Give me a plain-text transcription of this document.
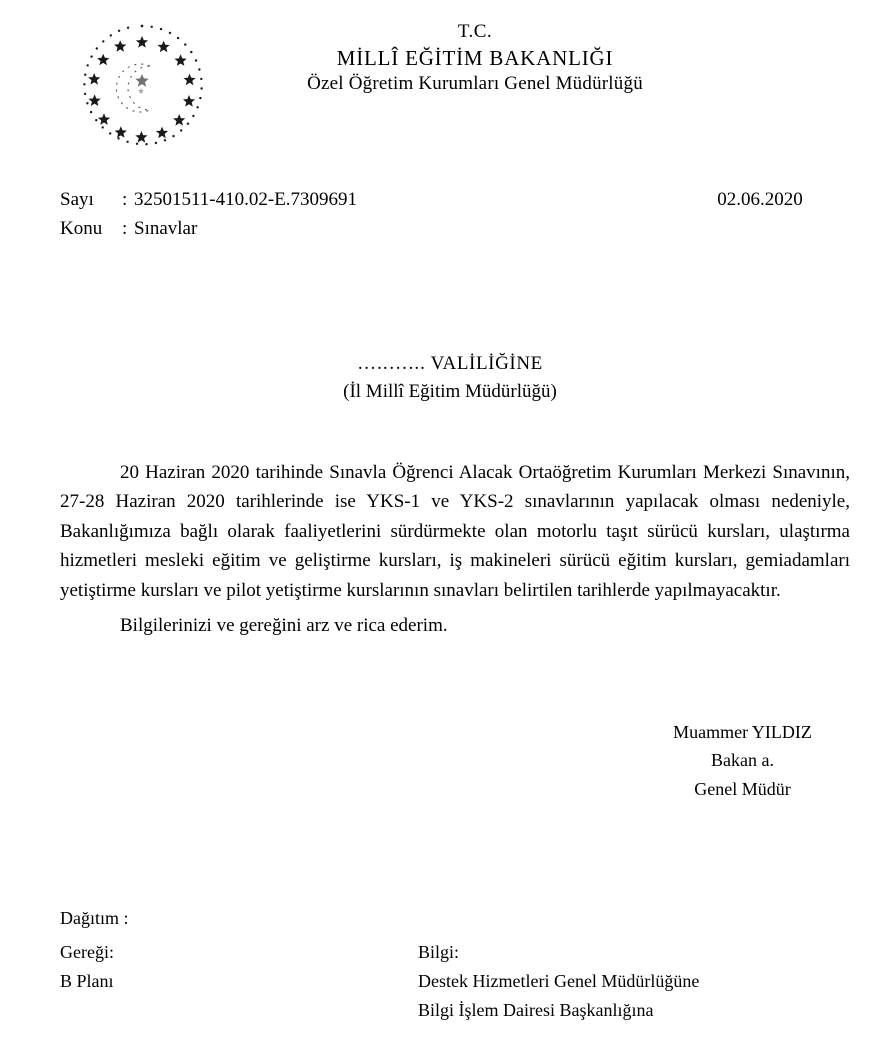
T.C.
MİLLÎ EĞİTİM BAKANLIĞI
Özel Öğretim Kurumları Genel Müdürlüğü
Sayı	: 32501511-410.02-E.7309691	02.06.2020
Konu	: Sınavlar
…..…... VALİLİĞİNE
(İl Millî Eğitim Müdürlüğü)

20 Haziran 2020 tarihinde Sınavla Öğrenci Alacak Ortaöğretim Kurumları Merkezi Sınavının, 27-28 Haziran 2020 tarihlerinde ise YKS-1 ve YKS-2 sınavlarının yapılacak olması nedeniyle, Bakanlığımıza bağlı olarak faaliyetlerini sürdürmekte olan motorlu taşıt sürücü kursları, ulaştırma hizmetleri mesleki eğitim ve geliştirme kursları, iş makineleri sürücü eğitim kursları, gemiadamları yetiştirme kursları ve pilot yetiştirme kurslarının sınavları belirtilen tarihlerde yapılmayacaktır.

Bilgilerinizi ve gereğini arz ve rica ederim.

Muammer YILDIZ
Bakan a.
Genel Müdür
Dağıtım :
Gereği:
B Planı
Bilgi:
Destek Hizmetleri Genel Müdürlüğüne
Bilgi İşlem Dairesi Başkanlığına
